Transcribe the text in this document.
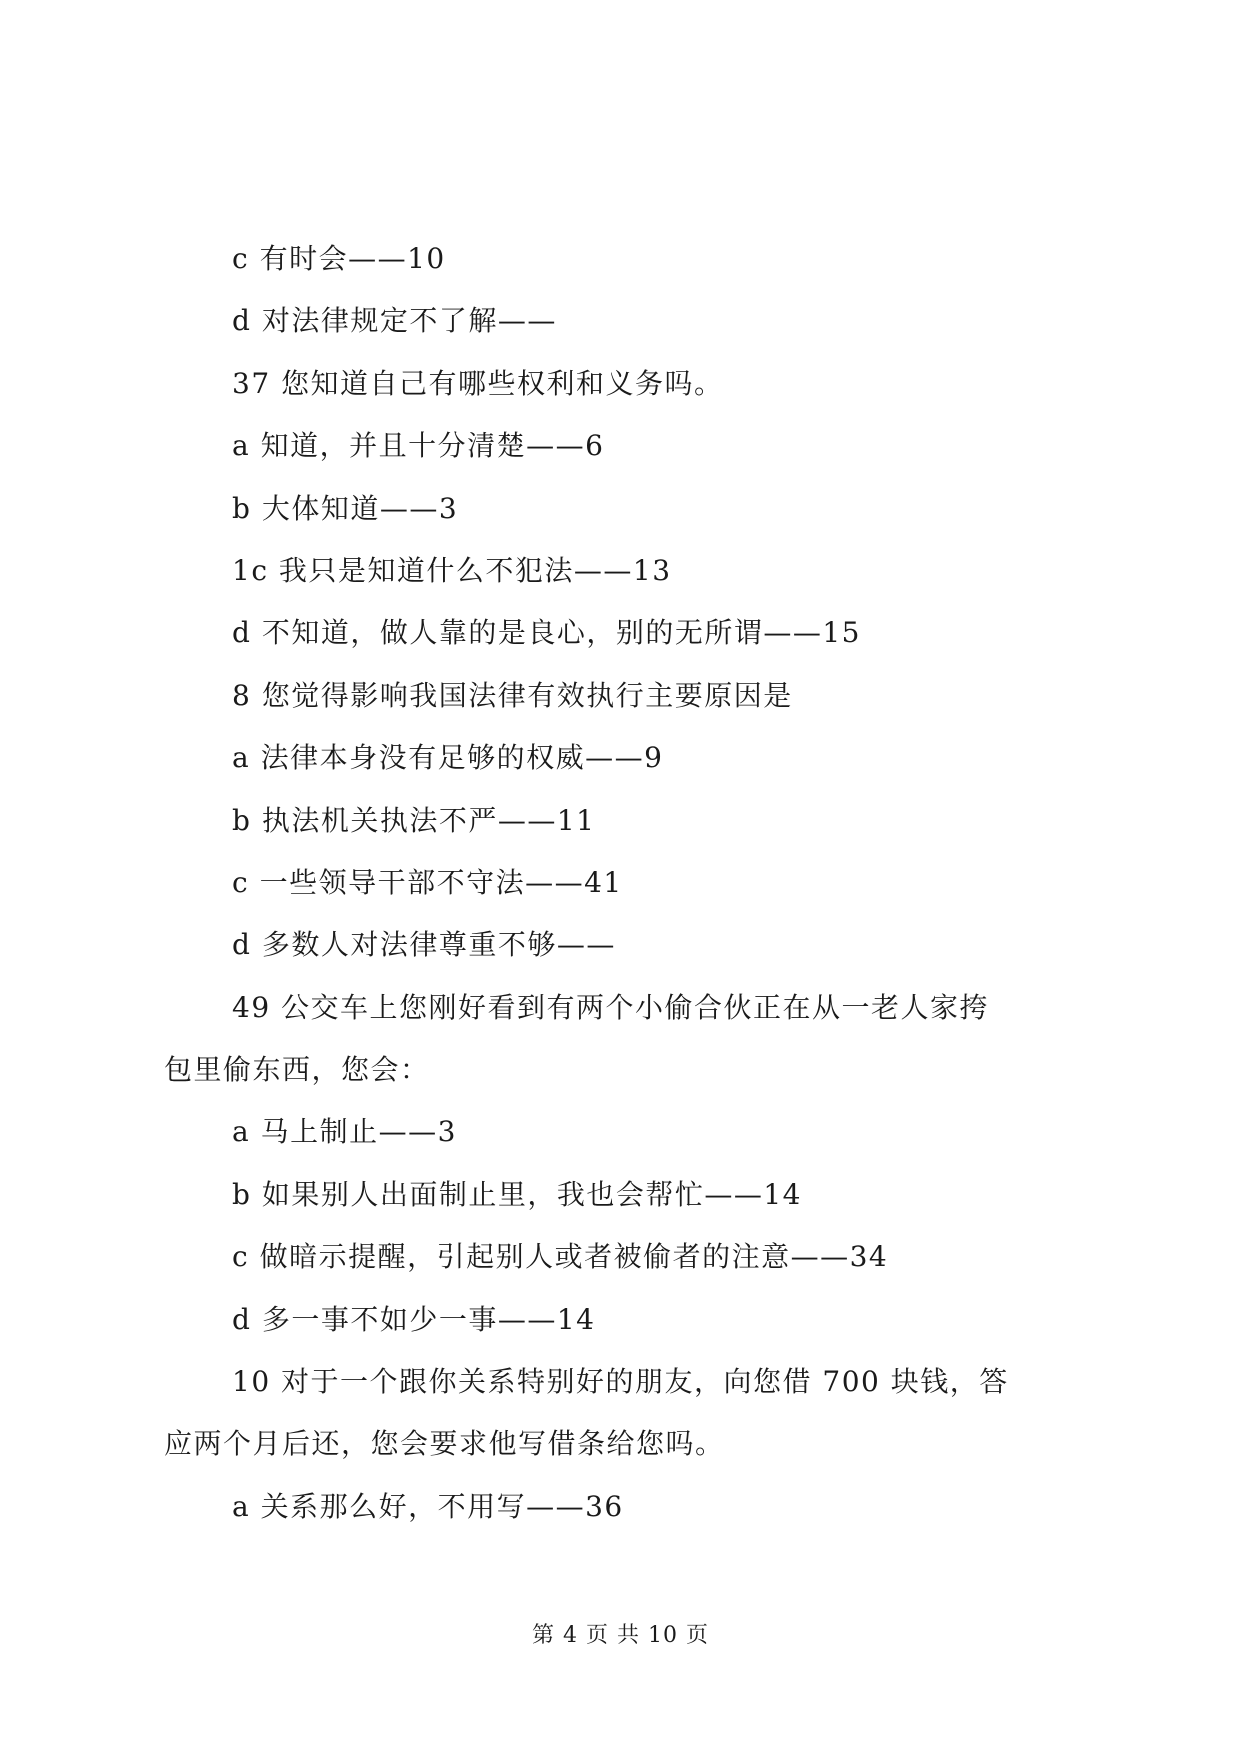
c 有时会——10
d 对法律规定不了解——
37 您知道自己有哪些权利和义务吗。
a 知道，并且十分清楚——6
b 大体知道——3
1c 我只是知道什么不犯法——13
d 不知道，做人靠的是良心，别的无所谓——15
8 您觉得影响我国法律有效执行主要原因是
a 法律本身没有足够的权威——9
b 执法机关执法不严——11
c 一些领导干部不守法——41
d 多数人对法律尊重不够——
49 公交车上您刚好看到有两个小偷合伙正在从一老人家挎
包里偷东西，您会：
a 马上制止——3
b 如果别人出面制止里，我也会帮忙——14
c 做暗示提醒，引起别人或者被偷者的注意——34
d 多一事不如少一事——14
10 对于一个跟你关系特别好的朋友，向您借 700 块钱，答
应两个月后还，您会要求他写借条给您吗。
a 关系那么好，不用写——36
第 4 页 共 10 页
